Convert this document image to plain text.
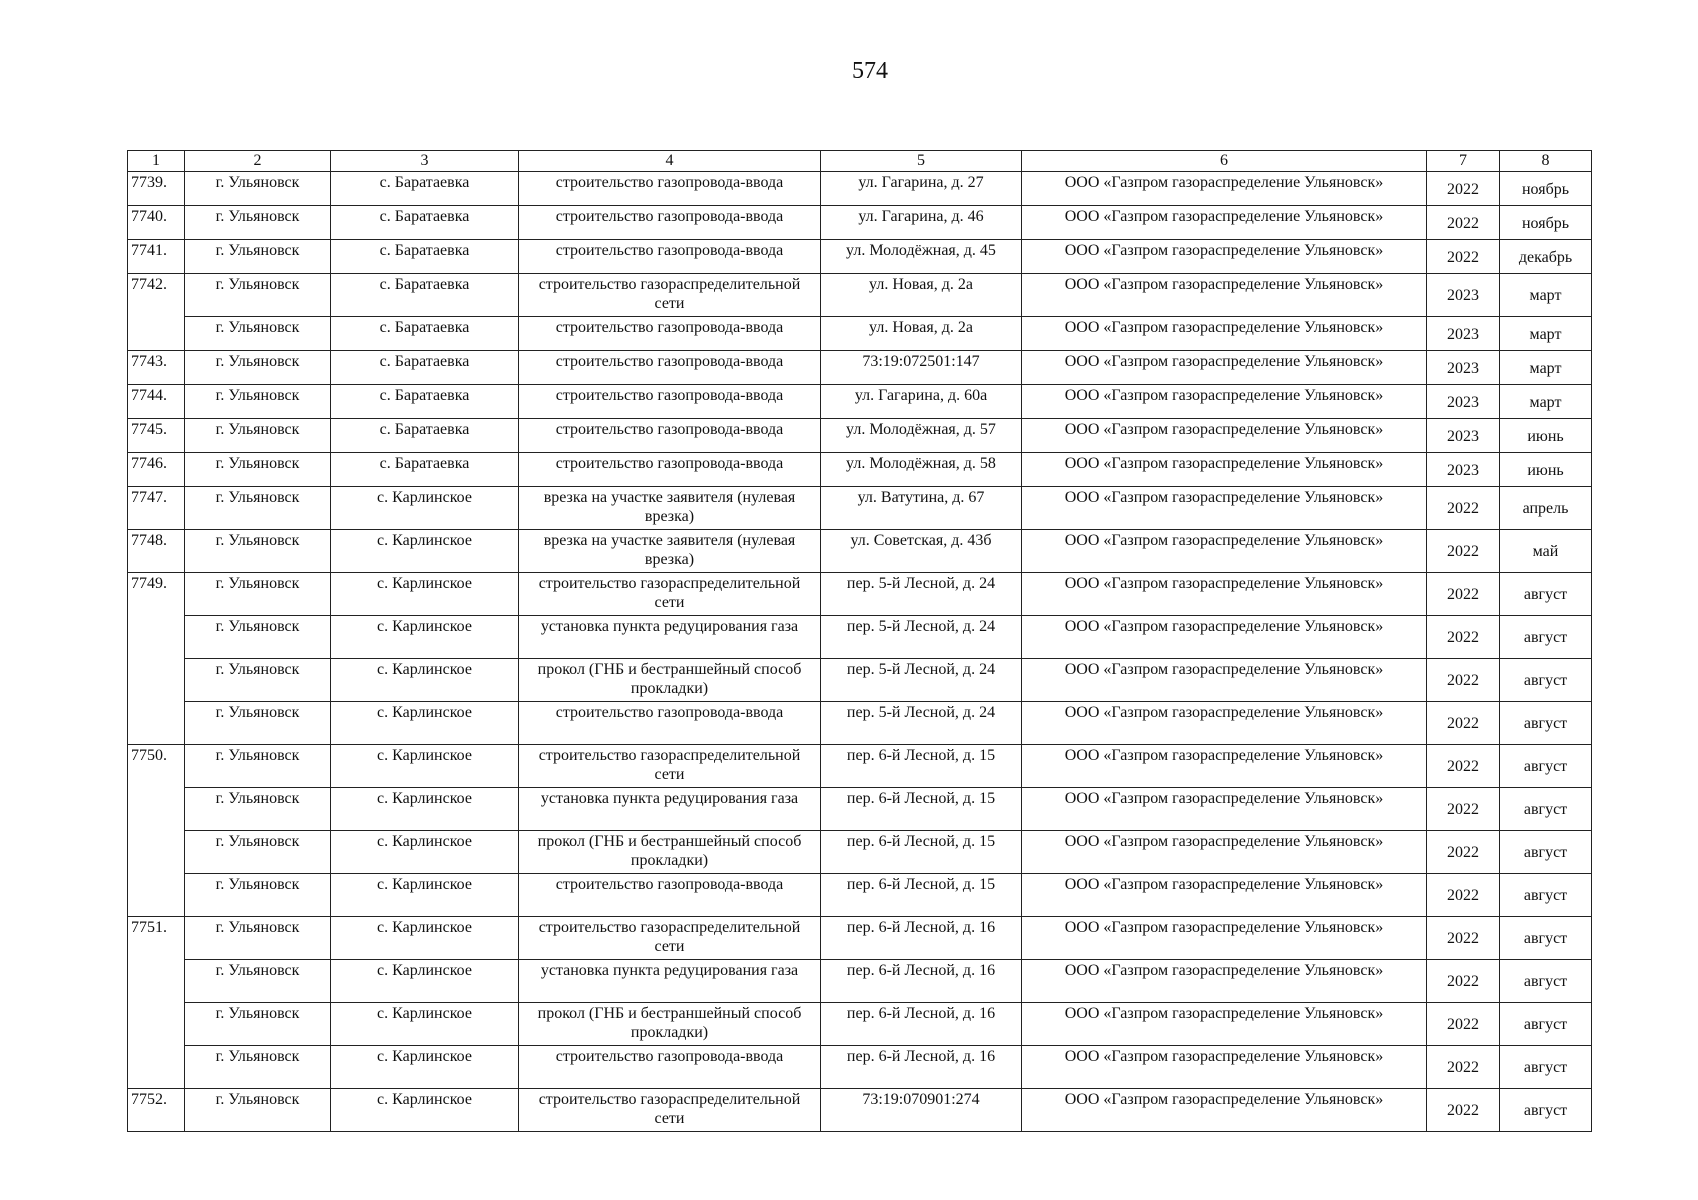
574
1	2	3	4	5	6	7	8
7739.	г. Ульяновск	с. Баратаевка	строительство газопровода-ввода	ул. Гагарина, д. 27	ООО «Газпром газораспределение Ульяновск»	2022	ноябрь
7740.	г. Ульяновск	с. Баратаевка	строительство газопровода-ввода	ул. Гагарина, д. 46	ООО «Газпром газораспределение Ульяновск»	2022	ноябрь
7741.	г. Ульяновск	с. Баратаевка	строительство газопровода-ввода	ул. Молодёжная, д. 45	ООО «Газпром газораспределение Ульяновск»	2022	декабрь
7742.	г. Ульяновск	с. Баратаевка	строительство газораспределительной сети	ул. Новая, д. 2а	ООО «Газпром газораспределение Ульяновск»	2023	март
	г. Ульяновск	с. Баратаевка	строительство газопровода-ввода	ул. Новая, д. 2а	ООО «Газпром газораспределение Ульяновск»	2023	март
7743.	г. Ульяновск	с. Баратаевка	строительство газопровода-ввода	73:19:072501:147	ООО «Газпром газораспределение Ульяновск»	2023	март
7744.	г. Ульяновск	с. Баратаевка	строительство газопровода-ввода	ул. Гагарина, д. 60а	ООО «Газпром газораспределение Ульяновск»	2023	март
7745.	г. Ульяновск	с. Баратаевка	строительство газопровода-ввода	ул. Молодёжная, д. 57	ООО «Газпром газораспределение Ульяновск»	2023	июнь
7746.	г. Ульяновск	с. Баратаевка	строительство газопровода-ввода	ул. Молодёжная, д. 58	ООО «Газпром газораспределение Ульяновск»	2023	июнь
7747.	г. Ульяновск	с. Карлинское	врезка на участке заявителя (нулевая врезка)	ул. Ватутина, д. 67	ООО «Газпром газораспределение Ульяновск»	2022	апрель
7748.	г. Ульяновск	с. Карлинское	врезка на участке заявителя (нулевая врезка)	ул. Советская, д. 43б	ООО «Газпром газораспределение Ульяновск»	2022	май
7749.	г. Ульяновск	с. Карлинское	строительство газораспределительной сети	пер. 5-й Лесной, д. 24	ООО «Газпром газораспределение Ульяновск»	2022	август
	г. Ульяновск	с. Карлинское	установка пункта редуцирования газа	пер. 5-й Лесной, д. 24	ООО «Газпром газораспределение Ульяновск»	2022	август
	г. Ульяновск	с. Карлинское	прокол (ГНБ и бестраншейный способ прокладки)	пер. 5-й Лесной, д. 24	ООО «Газпром газораспределение Ульяновск»	2022	август
	г. Ульяновск	с. Карлинское	строительство газопровода-ввода	пер. 5-й Лесной, д. 24	ООО «Газпром газораспределение Ульяновск»	2022	август
7750.	г. Ульяновск	с. Карлинское	строительство газораспределительной сети	пер. 6-й Лесной, д. 15	ООО «Газпром газораспределение Ульяновск»	2022	август
	г. Ульяновск	с. Карлинское	установка пункта редуцирования газа	пер. 6-й Лесной, д. 15	ООО «Газпром газораспределение Ульяновск»	2022	август
	г. Ульяновск	с. Карлинское	прокол (ГНБ и бестраншейный способ прокладки)	пер. 6-й Лесной, д. 15	ООО «Газпром газораспределение Ульяновск»	2022	август
	г. Ульяновск	с. Карлинское	строительство газопровода-ввода	пер. 6-й Лесной, д. 15	ООО «Газпром газораспределение Ульяновск»	2022	август
7751.	г. Ульяновск	с. Карлинское	строительство газораспределительной сети	пер. 6-й Лесной, д. 16	ООО «Газпром газораспределение Ульяновск»	2022	август
	г. Ульяновск	с. Карлинское	установка пункта редуцирования газа	пер. 6-й Лесной, д. 16	ООО «Газпром газораспределение Ульяновск»	2022	август
	г. Ульяновск	с. Карлинское	прокол (ГНБ и бестраншейный способ прокладки)	пер. 6-й Лесной, д. 16	ООО «Газпром газораспределение Ульяновск»	2022	август
	г. Ульяновск	с. Карлинское	строительство газопровода-ввода	пер. 6-й Лесной, д. 16	ООО «Газпром газораспределение Ульяновск»	2022	август
7752.	г. Ульяновск	с. Карлинское	строительство газораспределительной сети	73:19:070901:274	ООО «Газпром газораспределение Ульяновск»	2022	август
